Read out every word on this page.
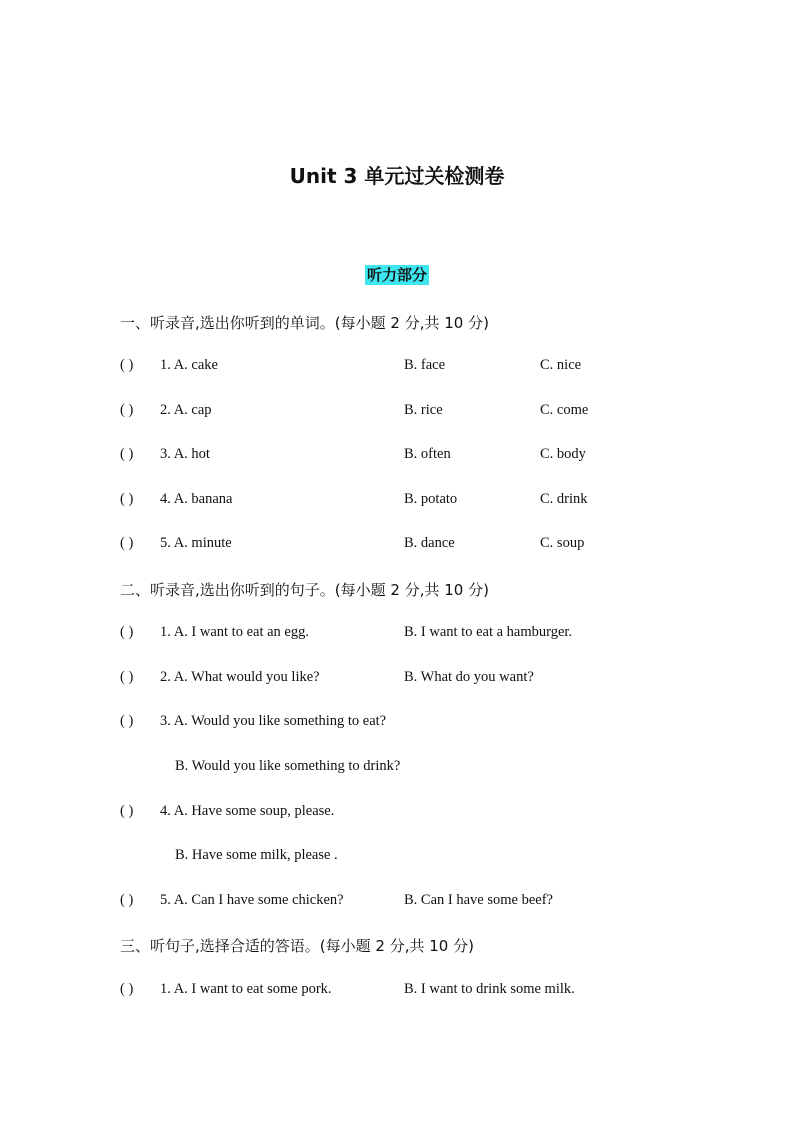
Unit 3 单元过关检测卷
听力部分
一、听录音,选出你听到的单词。(每小题 2 分,共 10 分)
( ) 1. A. cake	B. face	C. nice
( ) 2. A. cap	B. rice	C. come
( ) 3. A. hot	B. often	C. body
( ) 4. A. banana	B. potato	C. drink
( ) 5. A. minute	B. dance	C. soup
二、听录音,选出你听到的句子。(每小题 2 分,共 10 分)
( ) 1. A. I want to eat an egg.	B. I want to eat a hamburger.
( ) 2. A. What would you like?	B. What do you want?
( ) 3. A. Would you like something to eat?
B. Would you like something to drink?
( ) 4. A. Have some soup, please.
B. Have some milk, please .
( ) 5. A. Can I have some chicken?	B. Can I have some beef?
三、听句子,选择合适的答语。(每小题 2 分,共 10 分)
( ) 1. A. I want to eat some pork.	B. I want to drink some milk.
